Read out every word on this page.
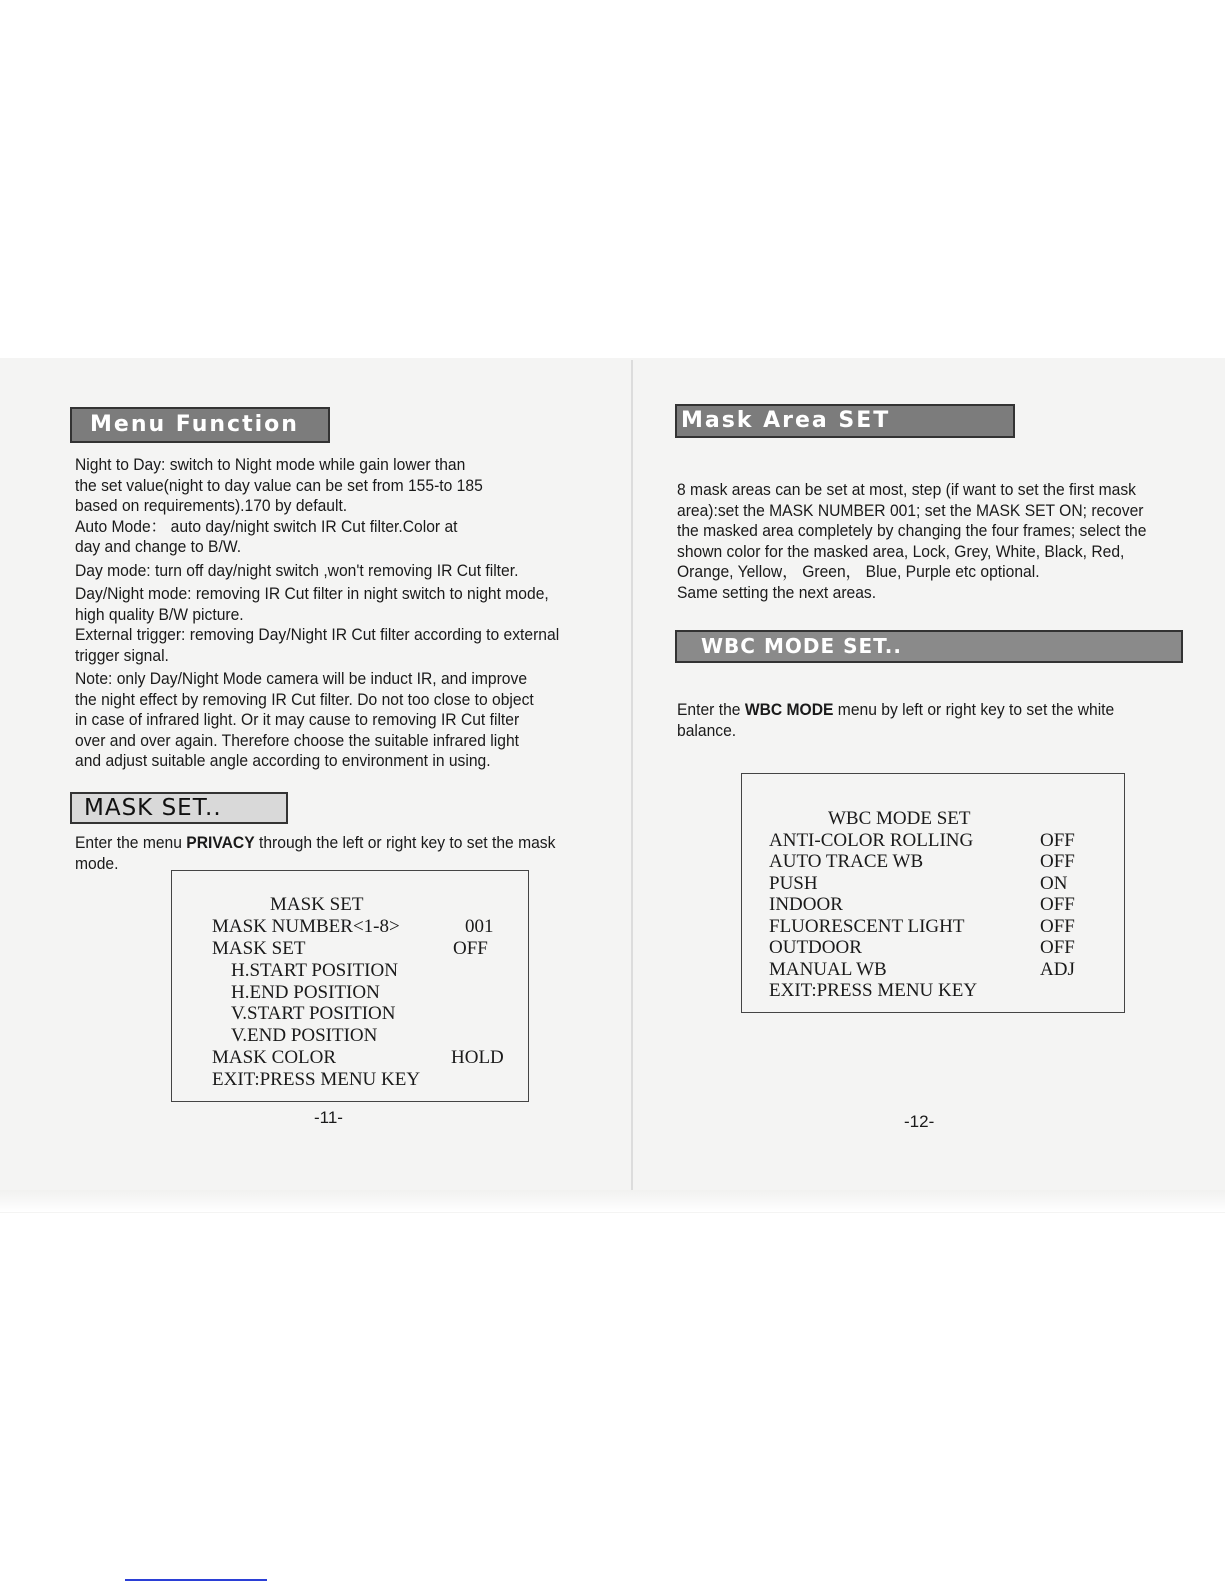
Menu Function
Night to Day: switch to Night mode while gain lower than
the set value(night to day value can be set from 155-to 185
based on requirements).170 by default.
Auto Mode： auto day/night switch IR Cut filter.Color at
day and change to B/W.
Day mode: turn off day/night switch ,won't removing IR Cut filter.
Day/Night mode: removing IR Cut filter in night switch to night mode,
high quality B/W picture.
External trigger: removing Day/Night IR Cut filter according to external
trigger signal.
Note: only Day/Night Mode camera will be induct IR, and improve
the night effect by removing IR Cut filter. Do not too close to object
in case of infrared light. Or it may cause to removing IR Cut filter
over and over again. Therefore choose the suitable infrared light
and adjust suitable angle according to environment in using.
MASK SET..
Enter the menu PRIVACY through the left or right key to set the mask
mode.
MASK SET
MASK NUMBER<1-8>	001
MASK SET	OFF
H.START POSITION
H.END POSITION
V.START POSITION
V.END POSITION
MASK COLOR	HOLD
EXIT:PRESS MENU KEY
-11-
Mask Area SET
8 mask areas can be set at most, step (if want to set the first mask
area):set the MASK NUMBER 001; set the MASK SET ON; recover
the masked area completely by changing the four frames; select the
shown color for the masked area, Lock, Grey, White, Black, Red,
Orange, Yellow， Green， Blue, Purple etc optional.
Same setting the next areas.
WBC MODE SET..
Enter the WBC MODE menu by left or right key to set the white
balance.
WBC MODE SET
ANTI-COLOR ROLLING	OFF
AUTO TRACE WB	OFF
PUSH	ON
INDOOR	OFF
FLUORESCENT LIGHT	OFF
OUTDOOR	OFF
MANUAL WB	ADJ
EXIT:PRESS MENU KEY
-12-
